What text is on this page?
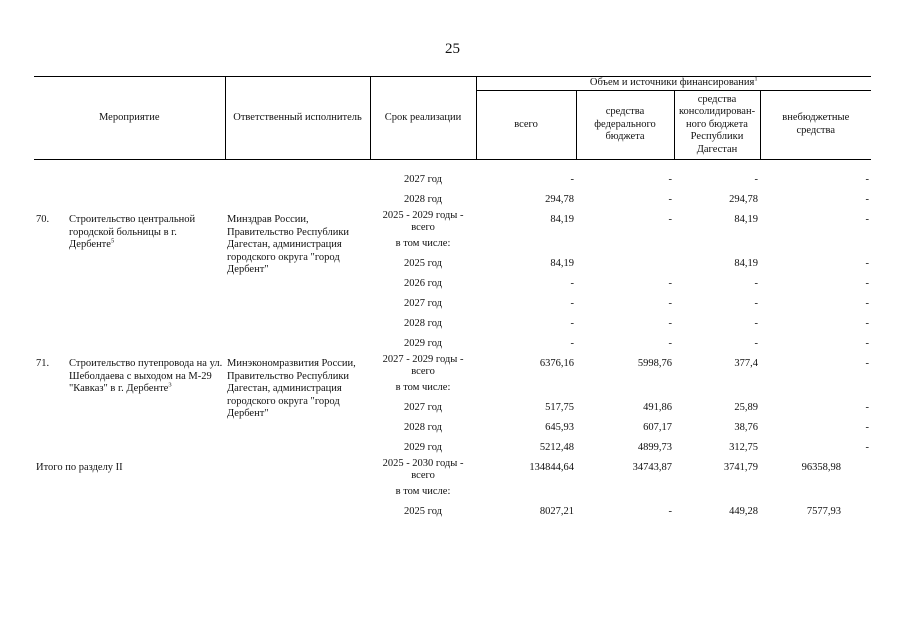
25
Мероприятие		Ответственный исполнитель	Срок реализации	Объем и источники финансирования$^1$
				всего	средства федерального бюджета	средства консолидирован-ного бюджета Республики Дагестан	внебюджетные средства

			2027 год	-	-	-	-
			2028 год	294,78	-	294,78	-
70.	Строительство центральной городской больницы в г. Дербенте$^5$	Минздрав России, Правительство Республики Дагестан, администрация городского округа "город Дербент"	2025 - 2029 годы - всего	84,19	-	84,19	-
			в том числе:				
			2025 год	84,19		84,19	-
			2026 год	-	-	-	-
			2027 год	-	-	-	-
			2028 год	-	-	-	-
			2029 год	-	-	-	-
71.	Строительство путепровода на ул. Шеболдаева с выходом на М-29 "Кавказ" в г. Дербенте$^3$	Минэкономразвития России, Правительство Республики Дагестан, администрация городского округа "город Дербент"	2027 - 2029 годы - всего	6376,16	5998,76	377,4	-
			в том числе:				
			2027 год	517,75	491,86	25,89	-
			2028 год	645,93	607,17	38,76	-
			2029 год	5212,48	4899,73	312,75	-
Итого по разделу II			2025 - 2030 годы - всего	134844,64	34743,87	3741,79	96358,98
			в том числе:				
			2025 год	8027,21	-	449,28	7577,93
